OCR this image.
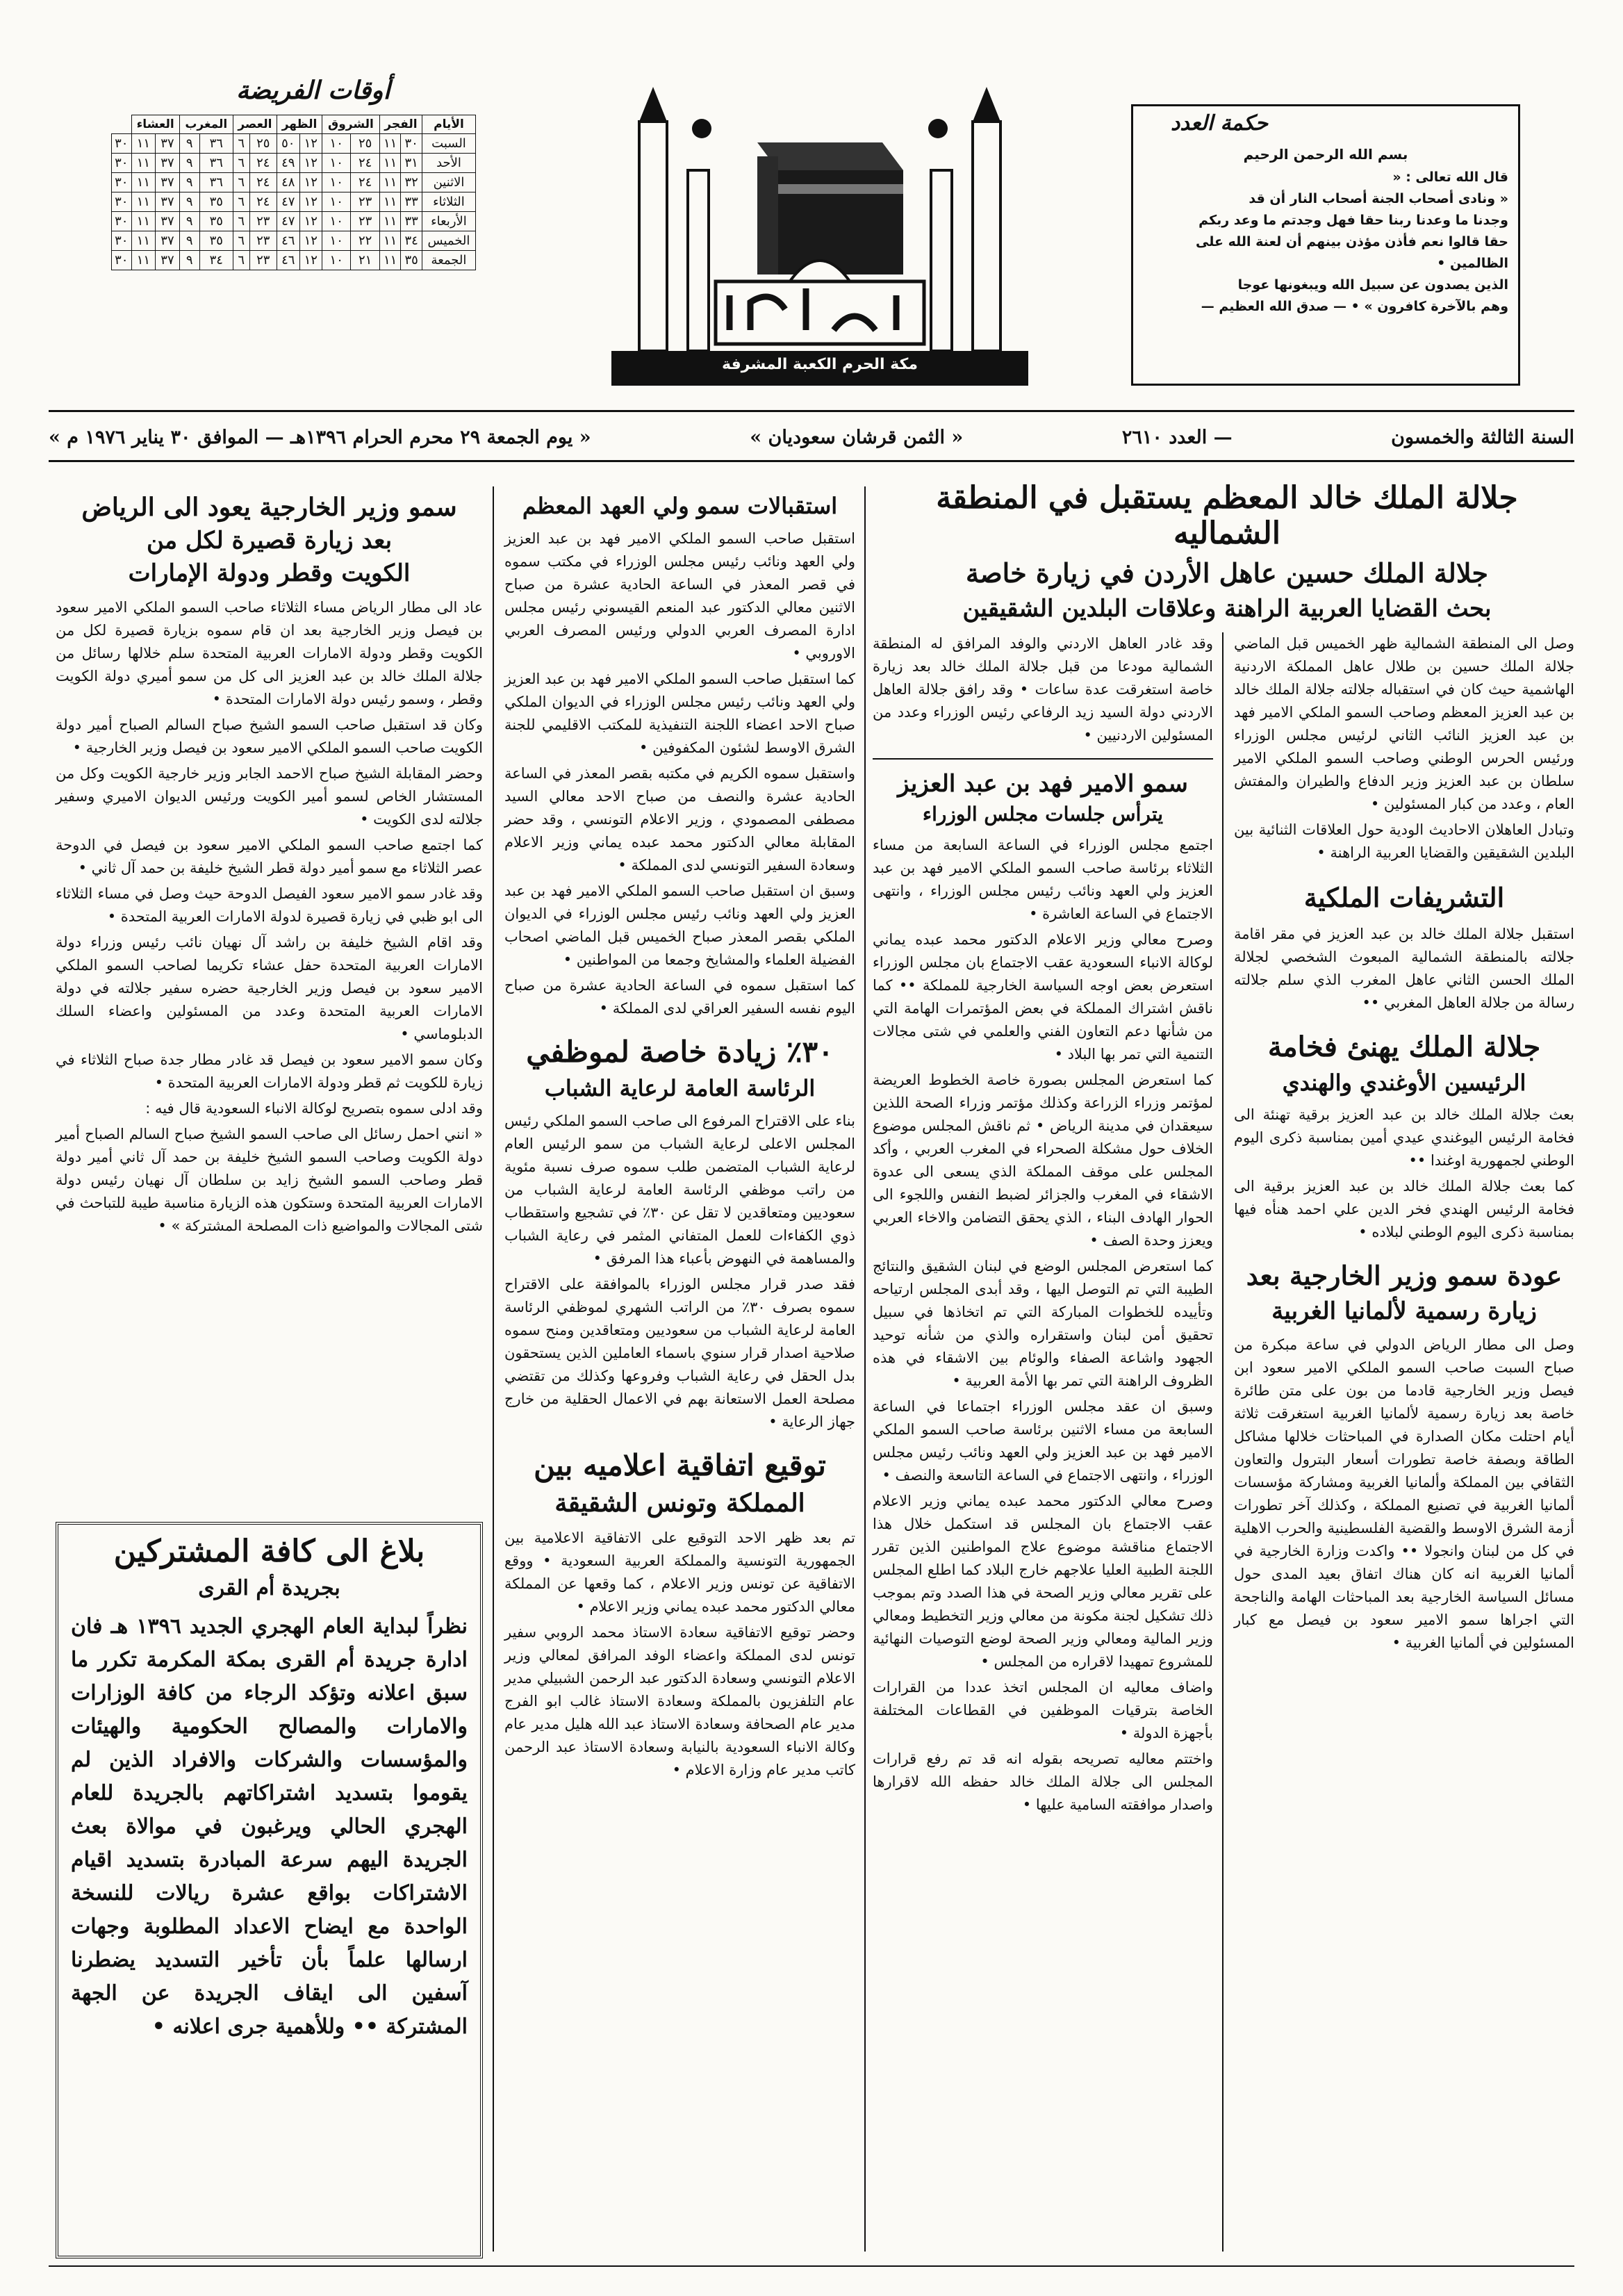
حكمة العدد
بسم الله الرحمن الرحيم
قال الله تعالى : «
« ونادى أصحاب الجنة أصحاب النار أن قد
وجدنا ما وعدنا ربنا حقا فهل وجدتم ما وعد ربكم
حقا قالوا نعم فأذن مؤذن بينهم أن لعنة الله على
الظالمين •
الذين يصدون عن سبيل الله ويبغونها عوجا
وهم بالآخرة كافرون » • — صدق الله العظيم —
مكة الحرم الكعبة المشرفة
أوقات الفريضة
الأيام	الفجر		الشروق		الظهر		العصر		المغرب		العشاء		
السبت	٣٠	١١	٢٥	١٠	١٢	٥٠	٢٥	٦	٣٦	٩	٣٧	١١	٣٠
الأحد	٣١	١١	٢٤	١٠	١٢	٤٩	٢٤	٦	٣٦	٩	٣٧	١١	٣٠
الاثنين	٣٢	١١	٢٤	١٠	١٢	٤٨	٢٤	٦	٣٦	٩	٣٧	١١	٣٠
الثلاثاء	٣٣	١١	٢٣	١٠	١٢	٤٧	٢٤	٦	٣٥	٩	٣٧	١١	٣٠
الأربعاء	٣٣	١١	٢٣	١٠	١٢	٤٧	٢٣	٦	٣٥	٩	٣٧	١١	٣٠
الخميس	٣٤	١١	٢٢	١٠	١٢	٤٦	٢٣	٦	٣٥	٩	٣٧	١١	٣٠
الجمعة	٣٥	١١	٢١	١٠	١٢	٤٦	٢٣	٦	٣٤	٩	٣٧	١١	٣٠
السنة الثالثة والخمسون
— العدد ٢٦١٠
« الثمن قرشان سعوديان »
« يوم الجمعة ٢٩ محرم الحرام ١٣٩٦هـ — الموافق ٣٠ يناير ١٩٧٦ م »
جلالة الملك خالد المعظم يستقبل في المنطقة الشماليه
جلالة الملك حسين عاهل الأردن في زيارة خاصة
بحث القضايا العربية الراهنة وعلاقات البلدين الشقيقين

وصل الى المنطقة الشمالية ظهر الخميس قبل الماضي جلالة الملك حسين بن طلال عاهل المملكة الاردنية الهاشمية حيث كان في استقباله جلالته جلالة الملك خالد بن عبد العزيز المعظم وصاحب السمو الملكي الامير فهد بن عبد العزيز النائب الثاني لرئيس مجلس الوزراء ورئيس الحرس الوطني وصاحب السمو الملكي الامير سلطان بن عبد العزيز وزير الدفاع والطيران والمفتش العام ، وعدد من كبار المسئولين •

وتبادل العاهلان الاحاديث الودية حول العلاقات الثنائية بين البلدين الشقيقين والقضايا العربية الراهنة •

التشريفات الملكية

استقبل جلالة الملك خالد بن عبد العزيز في مقر اقامة جلالته بالمنطقة الشمالية المبعوث الشخصي لجلالة الملك الحسن الثاني عاهل المغرب الذي سلم جلالته رسالة من جلالة العاهل المغربي ••

جلالة الملك يهنئ فخامة
الرئيسين الأوغندي والهندي

بعث جلالة الملك خالد بن عبد العزيز برقية تهنئة الى فخامة الرئيس اليوغندي عيدي أمين بمناسبة ذكرى اليوم الوطني لجمهورية اوغندا ••

كما بعث جلالة الملك خالد بن عبد العزيز برقية الى فخامة الرئيس الهندي فخر الدين علي احمد هنأه فيها بمناسبة ذكرى اليوم الوطني لبلاده •

عودة سمو وزير الخارجية بعد
زيارة رسمية لألمانيا الغربية

وصل الى مطار الرياض الدولي في ساعة مبكرة من صباح السبت صاحب السمو الملكي الامير سعود ابن فيصل وزير الخارجية قادما من بون على متن طائرة خاصة بعد زيارة رسمية لألمانيا الغربية استغرقت ثلاثة أيام احتلت مكان الصدارة في المباحثات خلالها مشاكل الطاقة وبصفة خاصة تطورات أسعار البترول والتعاون الثقافي بين المملكة وألمانيا الغربية ومشاركة مؤسسات ألمانيا الغربية في تصنيع المملكة ، وكذلك آخر تطورات أزمة الشرق الاوسط والقضية الفلسطينية والحرب الاهلية في كل من لبنان وانجولا •• واكدت وزارة الخارجية في ألمانيا الغربية انه كان هناك اتفاق بعيد المدى حول مسائل السياسة الخارجية بعد المباحثات الهامة والناجحة التي اجراها سمو الامير سعود بن فيصل مع كبار المسئولين في ألمانيا الغربية •

وقد غادر العاهل الاردني والوفد المرافق له المنطقة الشمالية مودعا من قبل جلالة الملك خالد بعد زيارة خاصة استغرقت عدة ساعات • وقد رافق جلالة العاهل الاردني دولة السيد زيد الرفاعي رئيس الوزراء وعدد من المسئولين الاردنيين •

سمو الامير فهد بن عبد العزيز
يترأس جلسات مجلس الوزراء

اجتمع مجلس الوزراء في الساعة السابعة من مساء الثلاثاء برئاسة صاحب السمو الملكي الامير فهد بن عبد العزيز ولي العهد ونائب رئيس مجلس الوزراء ، وانتهى الاجتماع في الساعة العاشرة •

وصرح معالي وزير الاعلام الدكتور محمد عبده يماني لوكالة الانباء السعودية عقب الاجتماع بان مجلس الوزراء استعرض بعض اوجه السياسة الخارجية للمملكة •• كما ناقش اشتراك المملكة في بعض المؤتمرات الهامة التي من شأنها دعم التعاون الفني والعلمي في شتى مجالات التنمية التي تمر بها البلاد •

كما استعرض المجلس بصورة خاصة الخطوط العريضة لمؤتمر وزراء الزراعة وكذلك مؤتمر وزراء الصحة اللذين سيعقدان في مدينة الرياض • ثم ناقش المجلس موضوع الخلاف حول مشكلة الصحراء في المغرب العربي ، وأكد المجلس على موقف المملكة الذي يسعى الى عدوة الاشقاء في المغرب والجزائر لضبط النفس واللجوء الى الحوار الهادف البناء ، الذي يحقق التضامن والاخاء العربي ويعزز وحدة الصف •

كما استعرض المجلس الوضع في لبنان الشقيق والنتائج الطيبة التي تم التوصل اليها ، وقد أبدى المجلس ارتياحه وتأييده للخطوات المباركة التي تم اتخاذها في سبيل تحقيق أمن لبنان واستقراره والذي من شأنه توحيد الجهود واشاعة الصفاء والوئام بين الاشقاء في هذه الظروف الراهنة التي تمر بها الأمة العربية •

وسبق ان عقد مجلس الوزراء اجتماعا في الساعة السابعة من مساء الاثنين برئاسة صاحب السمو الملكي الامير فهد بن عبد العزيز ولي العهد ونائب رئيس مجلس الوزراء ، وانتهى الاجتماع في الساعة التاسعة والنصف •

وصرح معالي الدكتور محمد عبده يماني وزير الاعلام عقب الاجتماع بان المجلس قد استكمل خلال هذا الاجتماع مناقشة موضوع علاج المواطنين الذين تقرر اللجنة الطبية العليا علاجهم خارج البلاد كما اطلع المجلس على تقرير معالي وزير الصحة في هذا الصدد وتم بموجب ذلك تشكيل لجنة مكونة من معالي وزير التخطيط ومعالي وزير المالية ومعالي وزير الصحة لوضع التوصيات النهائية للمشروع تمهيدا لاقراره من المجلس •

واضاف معاليه ان المجلس اتخذ عددا من القرارات الخاصة بترقيات الموظفين في القطاعات المختلفة بأجهزة الدولة •

واختتم معاليه تصريحه بقوله انه قد تم رفع قرارات المجلس الى جلالة الملك خالد حفظه الله لاقرارها واصدار موافقته السامية عليها •

استقبالات سمو ولي العهد المعظم

استقبل صاحب السمو الملكي الامير فهد بن عبد العزيز ولي العهد ونائب رئيس مجلس الوزراء في مكتب سموه في قصر المعذر في الساعة الحادية عشرة من صباح الاثنين معالي الدكتور عبد المنعم القيسوني رئيس مجلس ادارة المصرف العربي الدولي ورئيس المصرف العربي الاوروبي •

كما استقبل صاحب السمو الملكي الامير فهد بن عبد العزيز ولي العهد ونائب رئيس مجلس الوزراء في الديوان الملكي صباح الاحد اعضاء اللجنة التنفيذية للمكتب الاقليمي للجنة الشرق الاوسط لشئون المكفوفين •

واستقبل سموه الكريم في مكتبه بقصر المعذر في الساعة الحادية عشرة والنصف من صباح الاحد معالي السيد مصطفى المصمودي ، وزير الاعلام التونسي ، وقد حضر المقابلة معالي الدكتور محمد عبده يماني وزير الاعلام وسعادة السفير التونسي لدى المملكة •

وسبق ان استقبل صاحب السمو الملكي الامير فهد بن عبد العزيز ولي العهد ونائب رئيس مجلس الوزراء في الديوان الملكي بقصر المعذر صباح الخميس قبل الماضي اصحاب الفضيلة العلماء والمشايخ وجمعا من المواطنين •

كما استقبل سموه في الساعة الحادية عشرة من صباح اليوم نفسه السفير العراقي لدى المملكة •

٣٠٪ زيادة خاصة لموظفي
الرئاسة العامة لرعاية الشباب

بناء على الاقتراح المرفوع الى صاحب السمو الملكي رئيس المجلس الاعلى لرعاية الشباب من سمو الرئيس العام لرعاية الشباب المتضمن طلب سموه صرف نسبة مئوية من راتب موظفي الرئاسة العامة لرعاية الشباب من سعوديين ومتعاقدين لا تقل عن ٣٠٪ في تشجيع واستقطاب ذوي الكفاءات للعمل المتفاني المثمر في رعاية الشباب والمساهمة في النهوض بأعباء هذا المرفق •

فقد صدر قرار مجلس الوزراء بالموافقة على الاقتراح سموه بصرف ٣٠٪ من الراتب الشهري لموظفي الرئاسة العامة لرعاية الشباب من سعوديين ومتعاقدين ومنح سموه صلاحية اصدار قرار سنوي باسماء العاملين الذين يستحقون بدل الحقل في رعاية الشباب وفروعها وكذلك من تقتضي مصلحة العمل الاستعانة بهم في الاعمال الحقلية من خارج جهاز الرعاية •

توقيع اتفاقية اعلاميه بين
المملكة وتونس الشقيقة

تم بعد ظهر الاحد التوقيع على الاتفاقية الاعلامية بين الجمهورية التونسية والمملكة العربية السعودية • ووقع الاتفاقية عن تونس وزير الاعلام ، كما وقعها عن المملكة معالي الدكتور محمد عبده يماني وزير الاعلام •

وحضر توقيع الاتفاقية سعادة الاستاذ محمد الروبي سفير تونس لدى المملكة واعضاء الوفد المرافق لمعالي وزير الاعلام التونسي وسعادة الدكتور عبد الرحمن الشبيلي مدير عام التلفزيون بالمملكة وسعادة الاستاذ غالب ابو الفرج مدير عام الصحافة وسعادة الاستاذ عبد الله هليل مدير عام وكالة الانباء السعودية بالنيابة وسعادة الاستاذ عبد الرحمن كاتب مدير عام وزارة الاعلام •

سمو وزير الخارجية يعود الى الرياض
بعد زيارة قصيرة لكل من
الكويت وقطر ودولة الإمارات

عاد الى مطار الرياض مساء الثلاثاء صاحب السمو الملكي الامير سعود بن فيصل وزير الخارجية بعد ان قام سموه بزيارة قصيرة لكل من الكويت وقطر ودولة الامارات العربية المتحدة سلم خلالها رسائل من جلالة الملك خالد بن عبد العزيز الى كل من سمو أميري دولة الكويت وقطر ، وسمو رئيس دولة الامارات المتحدة •

وكان قد استقبل صاحب السمو الشيخ صباح السالم الصباح أمير دولة الكويت صاحب السمو الملكي الامير سعود بن فيصل وزير الخارجية •

وحضر المقابلة الشيخ صباح الاحمد الجابر وزير خارجية الكويت وكل من المستشار الخاص لسمو أمير الكويت ورئيس الديوان الاميري وسفير جلالته لدى الكويت •

كما اجتمع صاحب السمو الملكي الامير سعود بن فيصل في الدوحة عصر الثلاثاء مع سمو أمير دولة قطر الشيخ خليفة بن حمد آل ثاني •

وقد غادر سمو الامير سعود الفيصل الدوحة حيث وصل في مساء الثلاثاء الى ابو ظبي في زيارة قصيرة لدولة الامارات العربية المتحدة •

وقد اقام الشيخ خليفة بن راشد آل نهيان نائب رئيس وزراء دولة الامارات العربية المتحدة حفل عشاء تكريما لصاحب السمو الملكي الامير سعود بن فيصل وزير الخارجية حضره سفير جلالته في دولة الامارات العربية المتحدة وعدد من المسئولين واعضاء السلك الدبلوماسي •

وكان سمو الامير سعود بن فيصل قد غادر مطار جدة صباح الثلاثاء في زيارة للكويت ثم قطر ودولة الامارات العربية المتحدة •

وقد ادلى سموه بتصريح لوكالة الانباء السعودية قال فيه :

« انني احمل رسائل الى صاحب السمو الشيخ صباح السالم الصباح أمير دولة الكويت وصاحب السمو الشيخ خليفة بن حمد آل ثاني أمير دولة قطر وصاحب السمو الشيخ زايد بن سلطان آل نهيان رئيس دولة الامارات العربية المتحدة وستكون هذه الزيارة مناسبة طيبة للتباحث في شتى المجالات والمواضيع ذات المصلحة المشتركة » •

بلاغ الى كافة المشتركين
بجريدة أم القرى
نظراً لبداية العام الهجري الجديد ١٣٩٦ هـ فان ادارة جريدة أم القرى بمكة المكرمة تكرر ما سبق اعلانه وتؤكد الرجاء من كافة الوزارات والامارات والمصالح الحكومية والهيئات والمؤسسات والشركات والافراد الذين لم يقوموا بتسديد اشتراكاتهم بالجريدة للعام الهجري الحالي ويرغبون في موالاة بعث الجريدة اليهم سرعة المبادرة بتسديد اقيام الاشتراكات بواقع عشرة ريالات للنسخة الواحدة مع ايضاح الاعداد المطلوبة وجهات ارسالها علماً بأن تأخير التسديد يضطرنا آسفين الى ايقاف الجريدة عن الجهة المشتركة •• وللأهمية جرى اعلانه •
